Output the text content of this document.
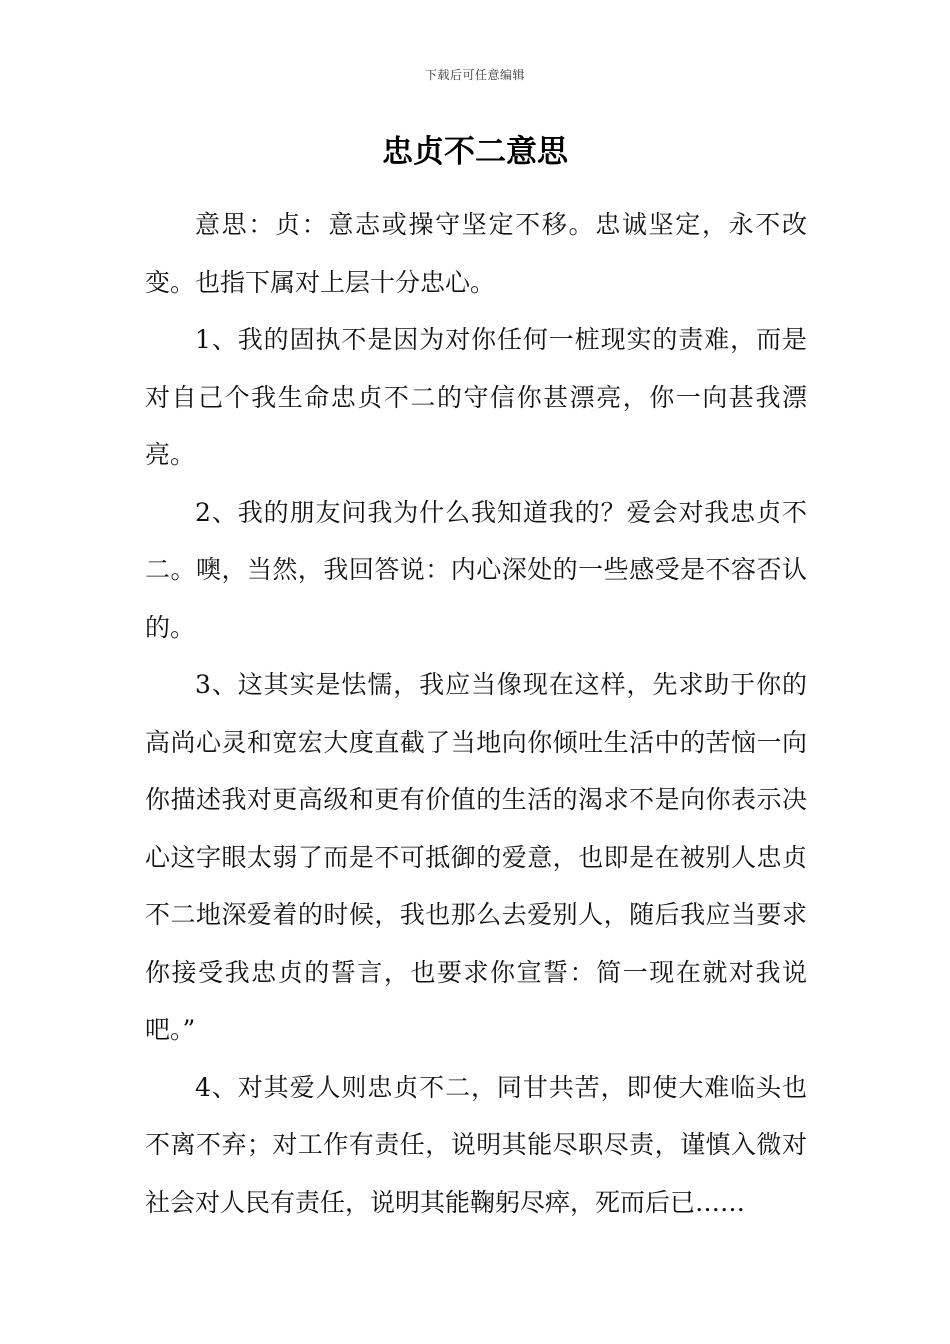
下载后可任意编辑
忠贞不二意思

意思：贞：意志或操守坚定不移。忠诚坚定，永不改变。也指下属对上层十分忠心。

1、我的固执不是因为对你任何一桩现实的责难，而是对自己个我生命忠贞不二的守信你甚漂亮，你一向甚我漂亮。

2、我的朋友问我为什么我知道我的？爱会对我忠贞不二。噢，当然，我回答说：内心深处的一些感受是不容否认的。

3、这其实是怯懦，我应当像现在这样，先求助于你的高尚心灵和宽宏大度直截了当地向你倾吐生活中的苦恼一向你描述我对更高级和更有价值的生活的渴求不是向你表示决心这字眼太弱了而是不可抵御的爱意，也即是在被别人忠贞不二地深爱着的时候，我也那么去爱别人，随后我应当要求你接受我忠贞的誓言，也要求你宣誓：简一现在就对我说吧。”

4、对其爱人则忠贞不二，同甘共苦，即使大难临头也不离不弃；对工作有责任，说明其能尽职尽责，谨慎入微对社会对人民有责任，说明其能鞠躬尽瘁，死而后已……
